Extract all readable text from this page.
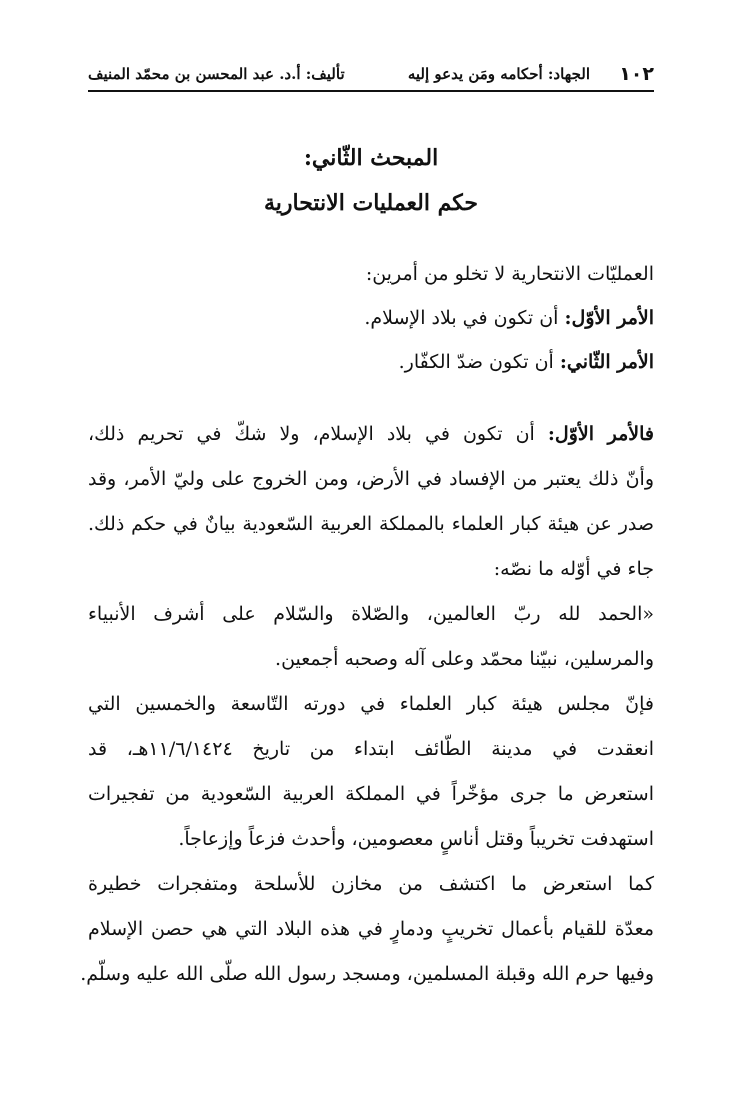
١٠٢
الجهاد: أحكامه ومَن يدعو إليه
تأليف: أ.د. عبد المحسن بن محمّد المنيف
المبحث الثّاني:
حكم العمليات الانتحارية
العمليّات الانتحارية لا تخلو من أمرين:
الأمر الأوّل: أن تكون في بلاد الإسلام.
الأمر الثّاني: أن تكون ضدّ الكفّار.
فالأمر الأوّل: أن تكون في بلاد الإسلام، ولا شكّ في تحريم ذلك،
وأنّ ذلك يعتبر من الإفساد في الأرض، ومن الخروج على وليّ الأمر، وقد
صدر عن هيئة كبار العلماء بالمملكة العربية السّعودية بيانٌ في حكم ذلك.
جاء في أوّله ما نصّه:
«الحمد لله ربّ العالمين، والصّلاة والسّلام على أشرف الأنبياء
والمرسلين، نبيّنا محمّد وعلى آله وصحبه أجمعين.
فإنّ مجلس هيئة كبار العلماء في دورته التّاسعة والخمسين التي
انعقدت في مدينة الطّائف ابتداء من تاريخ ١١/٦/١٤٢٤هـ، قد
استعرض ما جرى مؤخّراً في المملكة العربية السّعودية من تفجيرات
استهدفت تخريباً وقتل أناسٍ معصومين، وأحدث فزعاً وإزعاجاً.
كما استعرض ما اكتشف من مخازن للأسلحة ومتفجرات خطيرة
معدّة للقيام بأعمال تخريبٍ ودمارٍ في هذه البلاد التي هي حصن الإسلام
وفيها حرم الله وقبلة المسلمين، ومسجد رسول الله صلّى الله عليه وسلّم.
